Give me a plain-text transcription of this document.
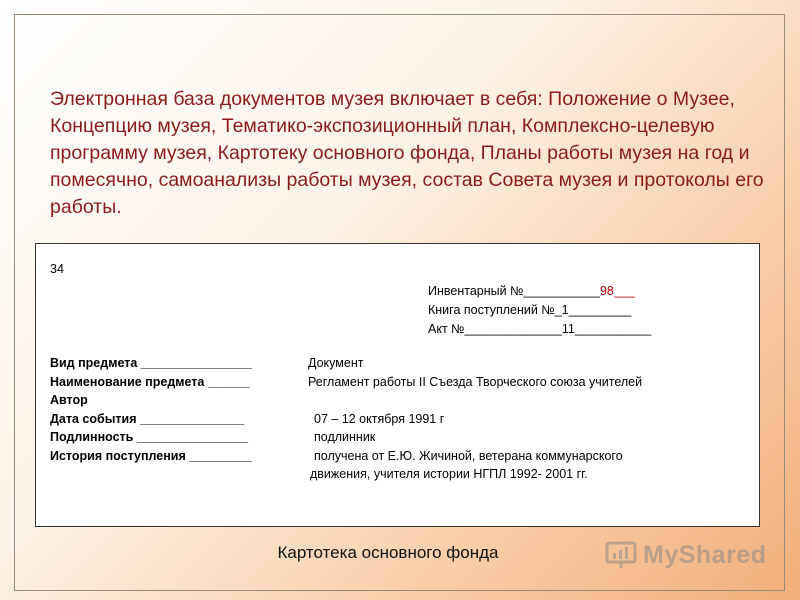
Электронная база документов музея включает в себя: Положение о Музее, Концепцию музея, Тематико-экспозиционный план, Комплексно-целевую программу музея, Картотеку основного фонда, Планы работы музея на год и помесячно, самоанализы работы музея, состав Совета музея и протоколы его работы.
34
Инвентарный №___________98___
Книга поступлений №_1_________
Акт №______________11___________
Вид предмета ________________	Документ
Наименование предмета ______	Регламент работы II Съезда Творческого союза учителей
Автор
Дата события _______________	07 – 12 октября 1991 г
Подлинность ________________	подлинник
История поступления _________	получена от Е.Ю. Жичиной, ветерана коммунарского
движения, учителя истории НГПЛ 1992- 2001 гг.
Картотека основного фонда	MyShared
